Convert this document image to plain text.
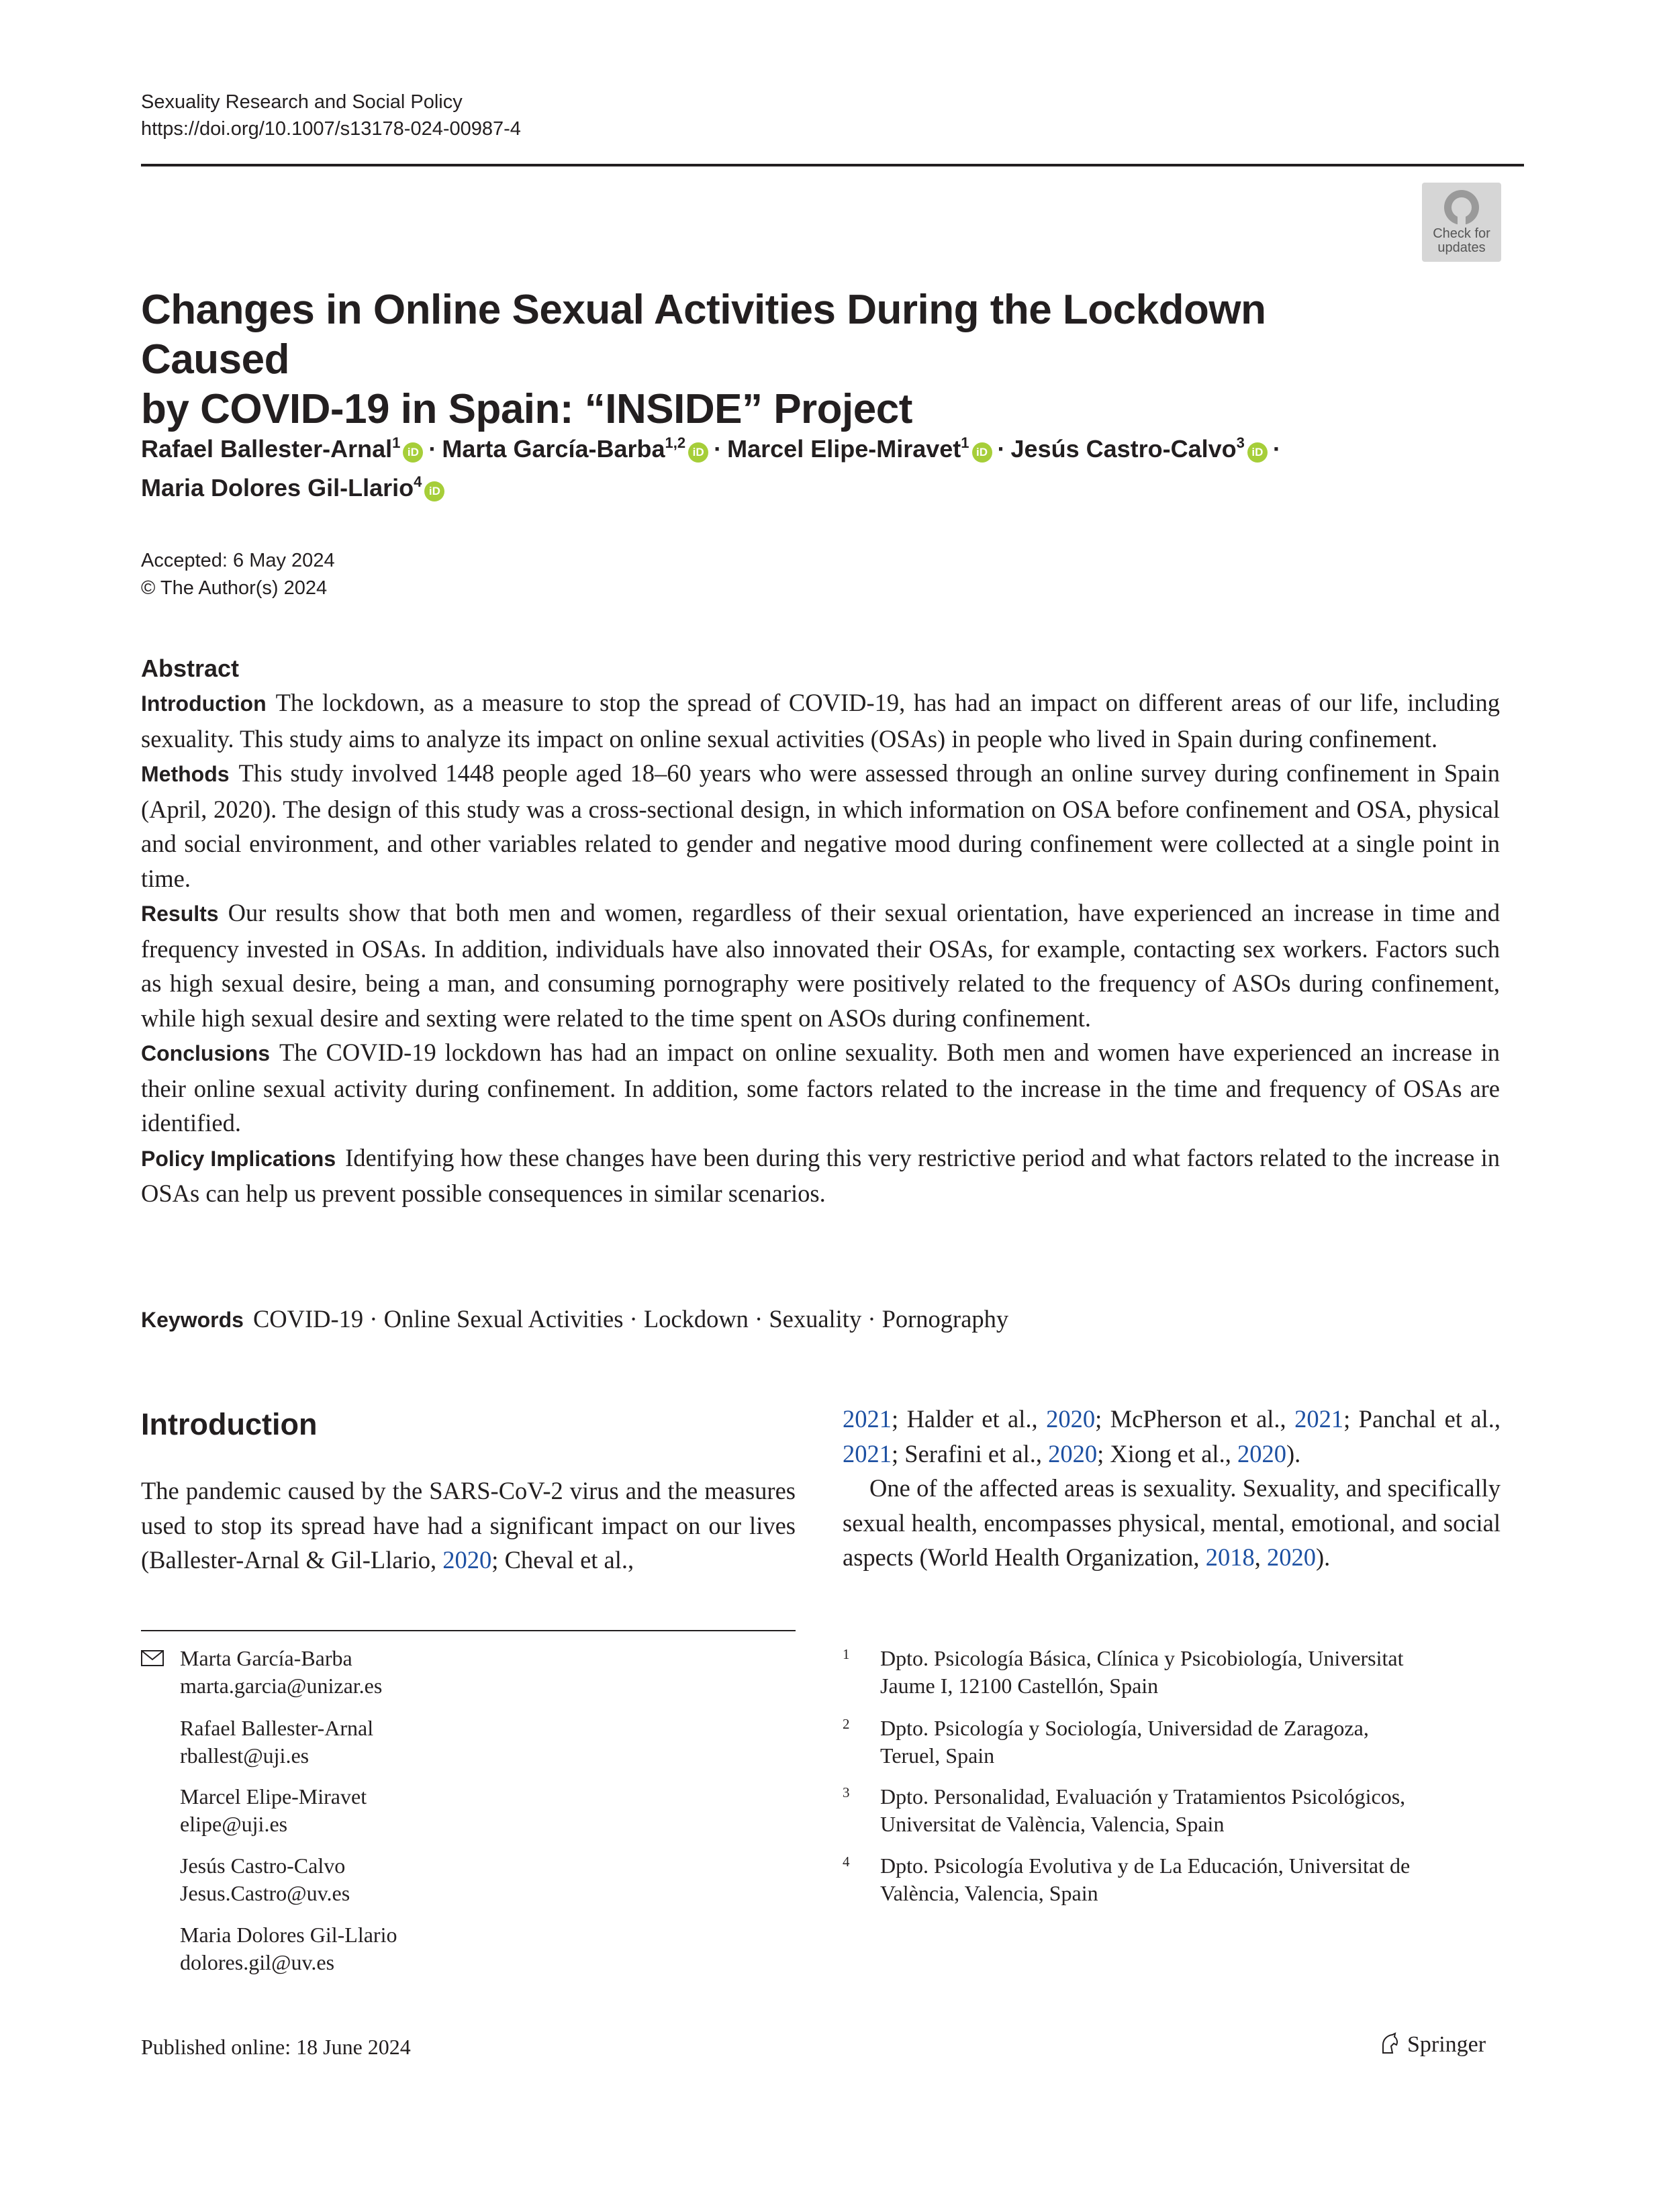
Sexuality Research and Social Policy
https://doi.org/10.1007/s13178-024-00987-4
Check for
updates
Changes in Online Sexual Activities During the Lockdown Caused
by COVID-19 in Spain: “INSIDE” Project
Rafael Ballester-Arnal$^1$iD · Marta García-Barba$^{1,2}$iD · Marcel Elipe-Miravet$^1$iD · Jesús Castro-Calvo$^3$iD ·
Maria Dolores Gil-Llario$^4$iD
Accepted: 6 May 2024
© The Author(s) 2024
Abstract
Introduction The lockdown, as a measure to stop the spread of COVID-19, has had an impact on different areas of our life, including sexuality. This study aims to analyze its impact on online sexual activities (OSAs) in people who lived in Spain during confinement.
Methods This study involved 1448 people aged 18–60 years who were assessed through an online survey during confinement in Spain (April, 2020). The design of this study was a cross-sectional design, in which information on OSA before confinement and OSA, physical and social environment, and other variables related to gender and negative mood during confinement were collected at a single point in time.
Results Our results show that both men and women, regardless of their sexual orientation, have experienced an increase in time and frequency invested in OSAs. In addition, individuals have also innovated their OSAs, for example, contacting sex workers. Factors such as high sexual desire, being a man, and consuming pornography were positively related to the frequency of ASOs during confinement, while high sexual desire and sexting were related to the time spent on ASOs during confinement.
Conclusions The COVID-19 lockdown has had an impact on online sexuality. Both men and women have experienced an increase in their online sexual activity during confinement. In addition, some factors related to the increase in the time and frequency of OSAs are identified.
Policy Implications Identifying how these changes have been during this very restrictive period and what factors related to the increase in OSAs can help us prevent possible consequences in similar scenarios.
Keywords COVID-19 · Online Sexual Activities · Lockdown · Sexuality · Pornography
Introduction
The pandemic caused by the SARS-CoV-2 virus and the measures used to stop its spread have had a significant impact on our lives (Ballester-Arnal & Gil-Llario, 2020; Cheval et al.,

2021; Halder et al., 2020; McPherson et al., 2021; Panchal et al., 2021; Serafini et al., 2020; Xiong et al., 2020).

One of the affected areas is sexuality. Sexuality, and specifically sexual health, encompasses physical, mental, emotional, and social aspects (World Health Organization, 2018, 2020).

Marta García-Barba
marta.garcia@unizar.es
Rafael Ballester-Arnal
rballest@uji.es
Marcel Elipe-Miravet
elipe@uji.es
Jesús Castro-Calvo
Jesus.Castro@uv.es
Maria Dolores Gil-Llario
dolores.gil@uv.es
1 Dpto. Psicología Básica, Clínica y Psicobiología, Universitat
Jaume I, 12100 Castellón, Spain
2 Dpto. Psicología y Sociología, Universidad de Zaragoza,
Teruel, Spain
3 Dpto. Personalidad, Evaluación y Tratamientos Psicológicos,
Universitat de València, Valencia, Spain
4 Dpto. Psicología Evolutiva y de La Educación, Universitat de
València, Valencia, Spain
Published online: 18 June 2024	Springer
